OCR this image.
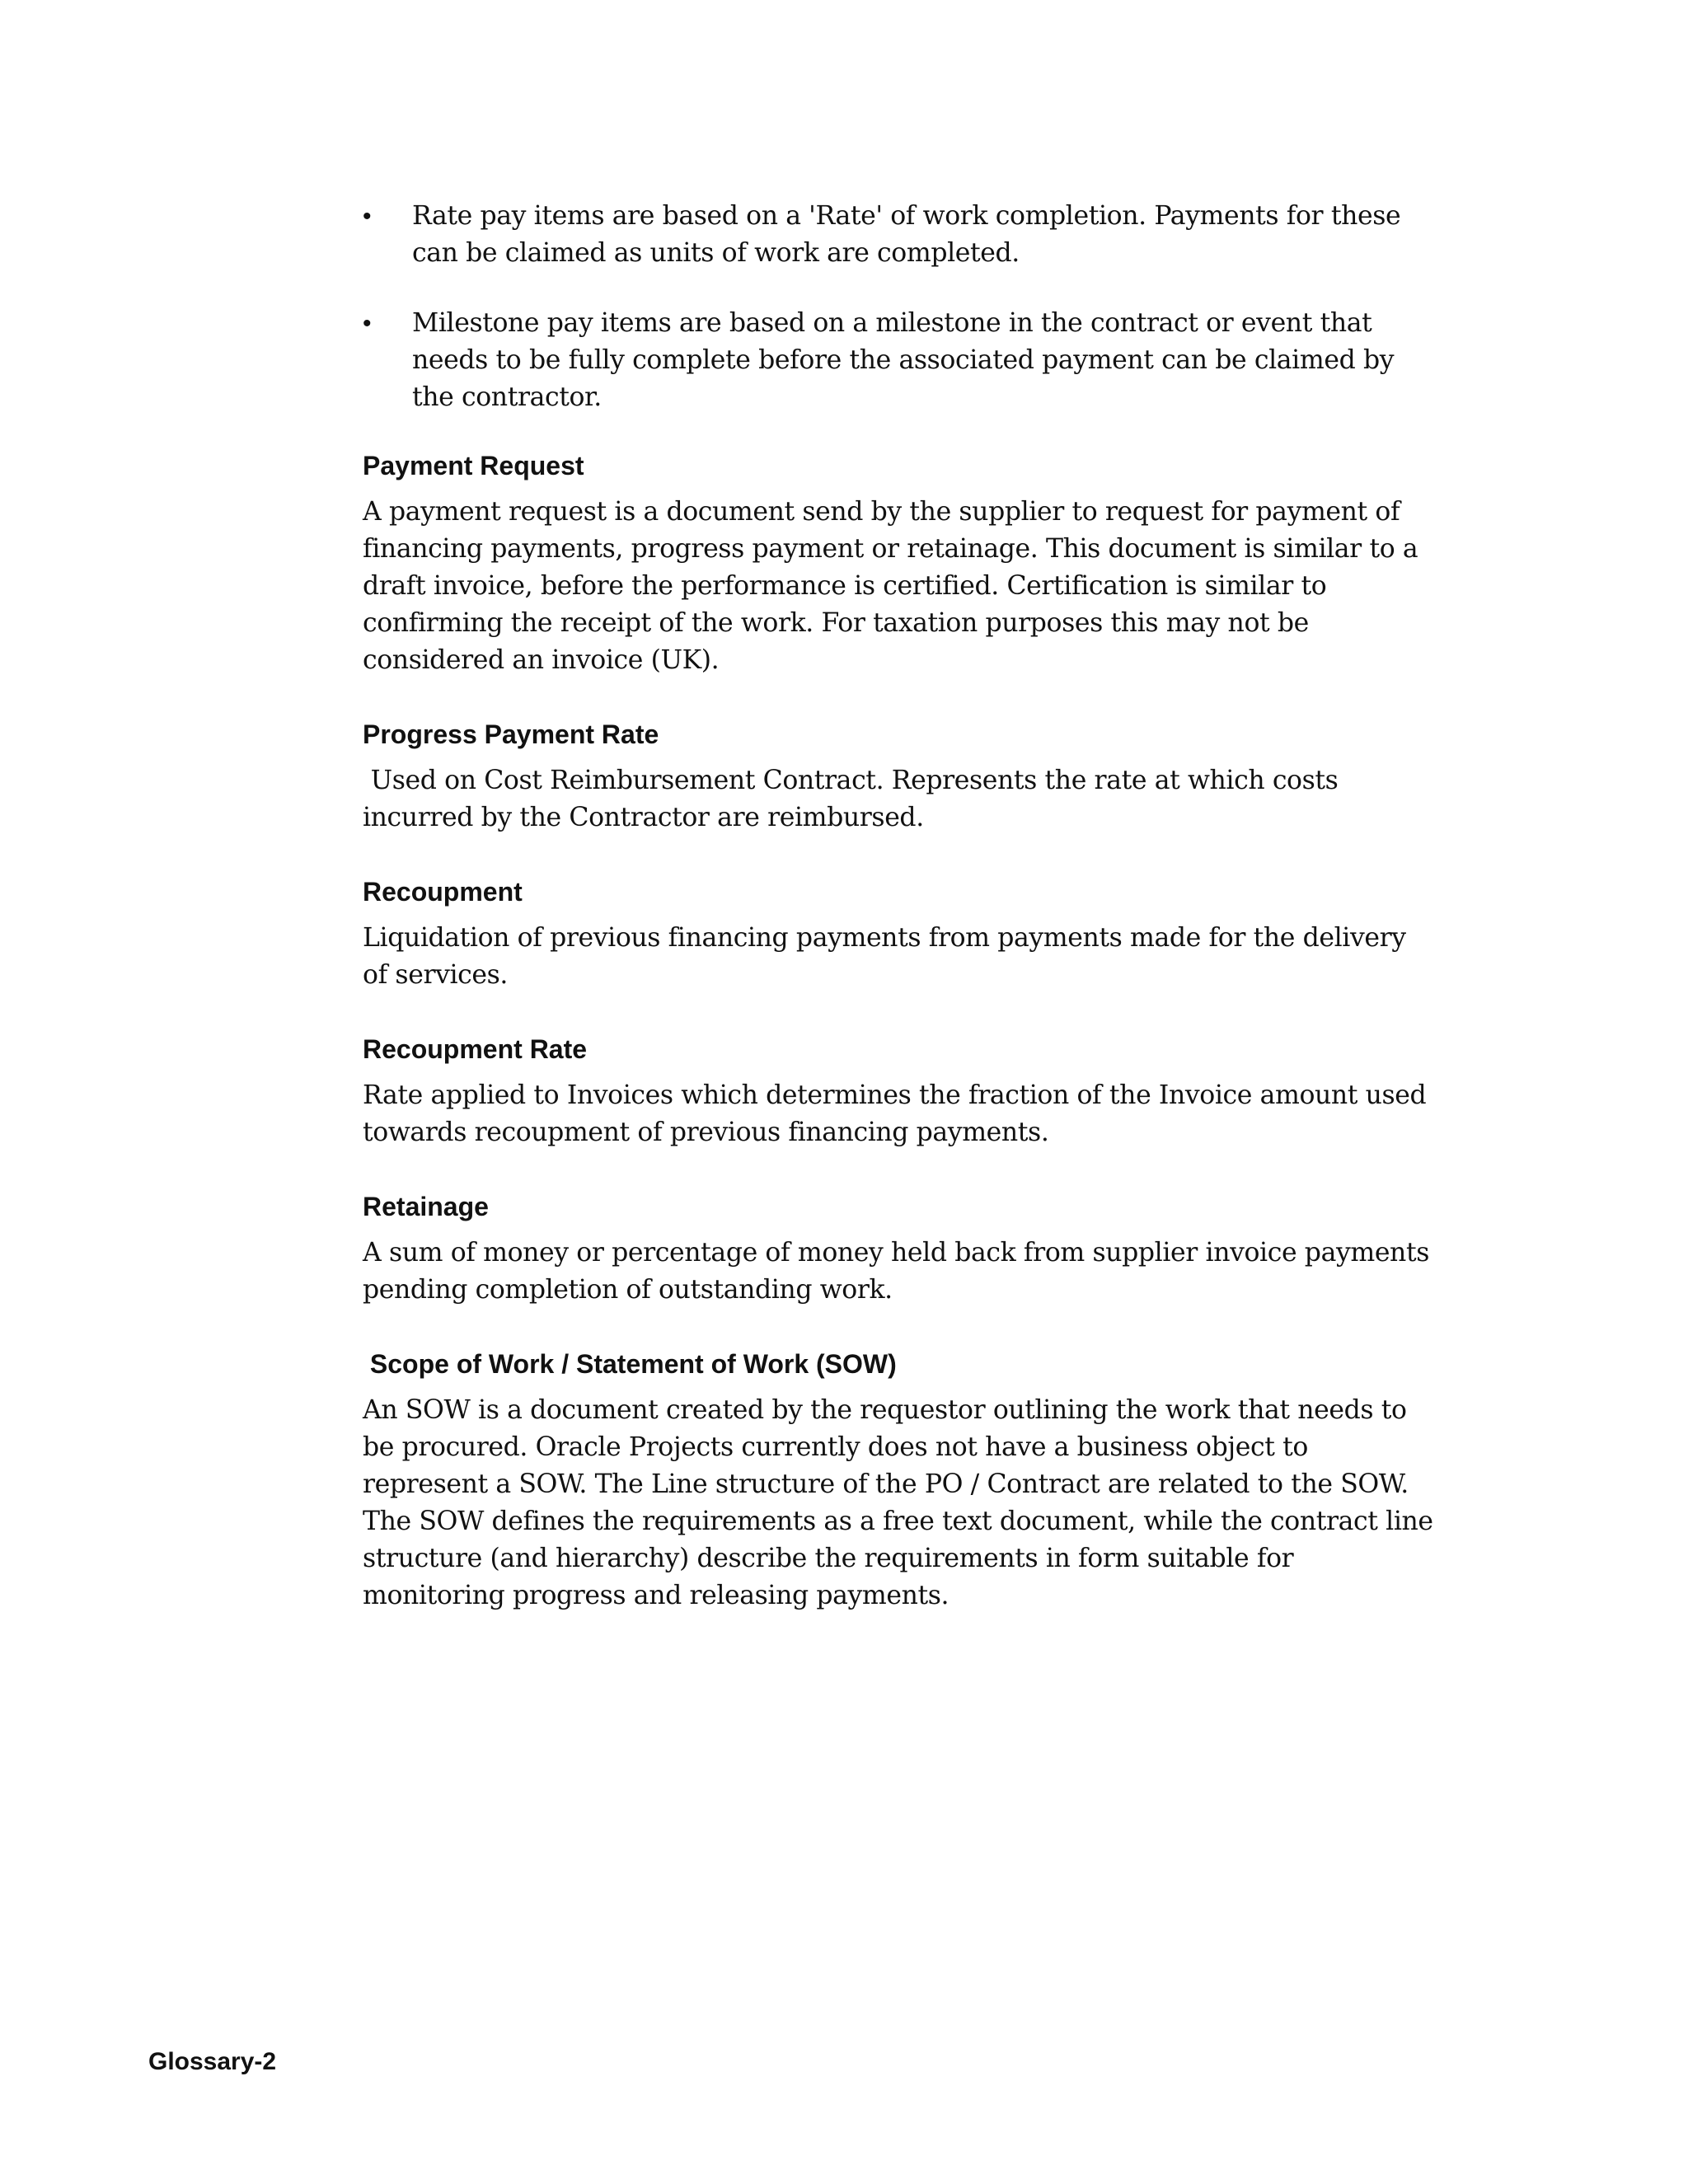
• Rate pay items are based on a 'Rate' of work completion. Payments for these can be claimed as units of work are completed.
• Milestone pay items are based on a milestone in the contract or event that needs to be fully complete before the associated payment can be claimed by the contractor.
Payment Request
A payment request is a document send by the supplier to request for payment of financing payments, progress payment or retainage. This document is similar to a draft invoice, before the performance is certified. Certification is similar to confirming the receipt of the work. For taxation purposes this may not be considered an invoice (UK).
Progress Payment Rate
Used on Cost Reimbursement Contract. Represents the rate at which costs incurred by the Contractor are reimbursed.
Recoupment
Liquidation of previous financing payments from payments made for the delivery of services.
Recoupment Rate
Rate applied to Invoices which determines the fraction of the Invoice amount used towards recoupment of previous financing payments.
Retainage
A sum of money or percentage of money held back from supplier invoice payments pending completion of outstanding work.
Scope of Work / Statement of Work (SOW)
An SOW is a document created by the requestor outlining the work that needs to be procured. Oracle Projects currently does not have a business object to represent a SOW. The Line structure of the PO / Contract are related to the SOW. The SOW defines the requirements as a free text document, while the contract line structure (and hierarchy) describe the requirements in form suitable for monitoring progress and releasing payments.
Glossary-2
